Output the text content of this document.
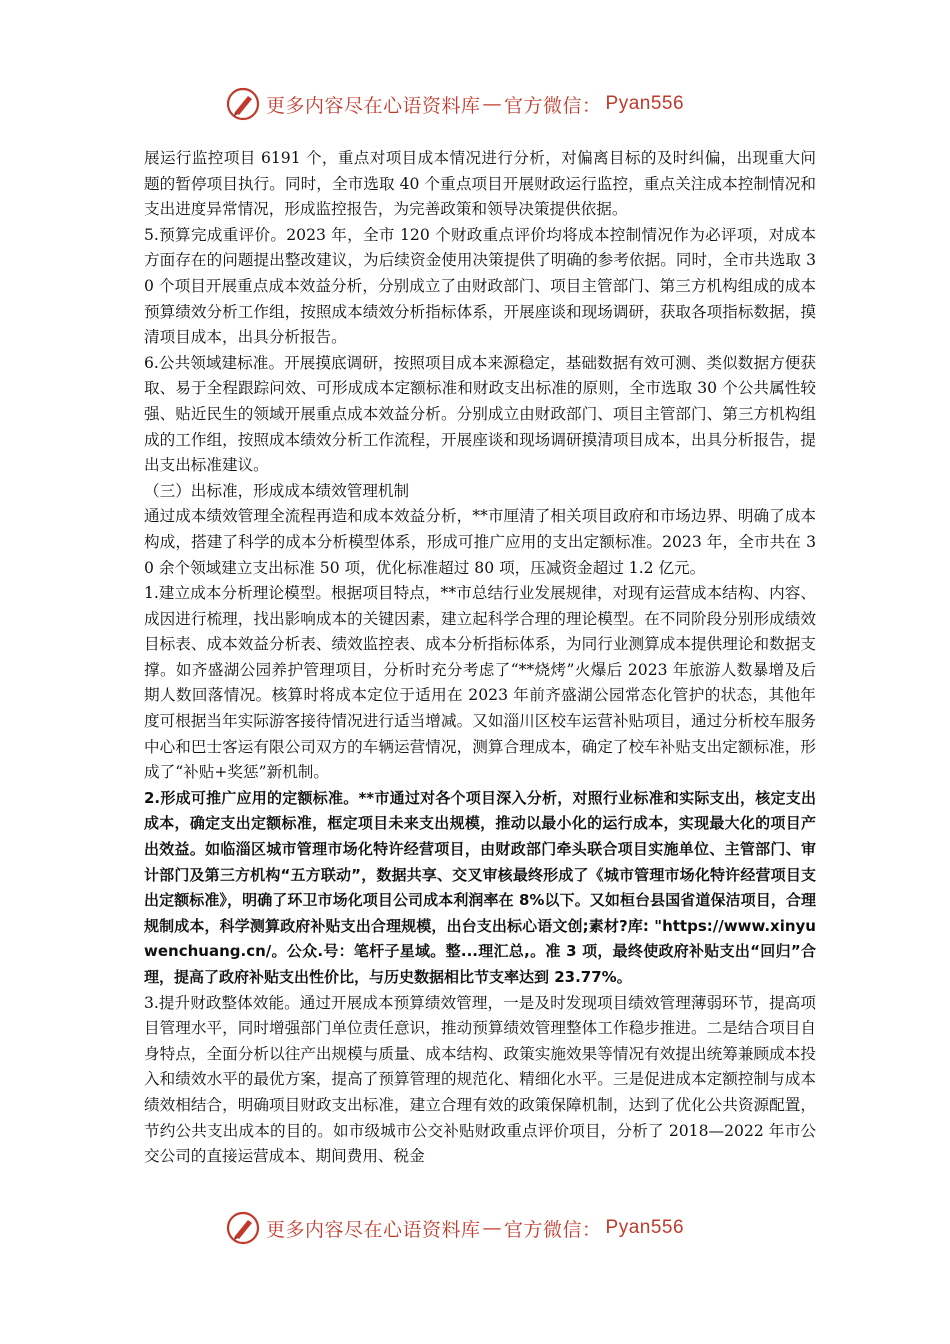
更多内容尽在心语资料库 — 官方微信： Pyan556

展运行监控项目 6191 个，重点对项目成本情况进行分析，对偏离目标的及时纠偏，出现重大问题的暂停项目执行。同时，全市选取 40 个重点项目开展财政运行监控，重点关注成本控制情况和支出进度异常情况，形成监控报告，为完善政策和领导决策提供依据。

5.预算完成重评价。2023 年，全市 120 个财政重点评价均将成本控制情况作为必评项，对成本方面存在的问题提出整改建议，为后续资金使用决策提供了明确的参考依据。同时，全市共选取 30 个项目开展重点成本效益分析，分别成立了由财政部门、项目主管部门、第三方机构组成的成本预算绩效分析工作组，按照成本绩效分析指标体系，开展座谈和现场调研，获取各项指标数据，摸清项目成本，出具分析报告。

6.公共领域建标准。开展摸底调研，按照项目成本来源稳定，基础数据有效可测、类似数据方便获取、易于全程跟踪问效、可形成成本定额标准和财政支出标准的原则，全市选取 30 个公共属性较强、贴近民生的领域开展重点成本效益分析。分别成立由财政部门、项目主管部门、第三方机构组成的工作组，按照成本绩效分析工作流程，开展座谈和现场调研摸清项目成本，出具分析报告，提出支出标准建议。

（三）出标准，形成成本绩效管理机制

通过成本绩效管理全流程再造和成本效益分析，**市厘清了相关项目政府和市场边界、明确了成本构成，搭建了科学的成本分析模型体系，形成可推广应用的支出定额标准。2023 年，全市共在 30 余个领域建立支出标准 50 项，优化标准超过 80 项，压减资金超过 1.2 亿元。

1.建立成本分析理论模型。根据项目特点，**市总结行业发展规律，对现有运营成本结构、内容、成因进行梳理，找出影响成本的关键因素，建立起科学合理的理论模型。在不同阶段分别形成绩效目标表、成本效益分析表、绩效监控表、成本分析指标体系，为同行业测算成本提供理论和数据支撑。如齐盛湖公园养护管理项目，分析时充分考虑了“**烧烤”火爆后 2023 年旅游人数暴增及后期人数回落情况。核算时将成本定位于适用在 2023 年前齐盛湖公园常态化管护的状态，其他年度可根据当年实际游客接待情况进行适当增减。又如淄川区校车运营补贴项目，通过分析校车服务中心和巴士客运有限公司双方的车辆运营情况，测算合理成本，确定了校车补贴支出定额标准，形成了“补贴+奖惩”新机制。

2.形成可推广应用的定额标准。**市通过对各个项目深入分析，对照行业标准和实际支出，核定支出成本，确定支出定额标准，框定项目未来支出规模，推动以最小化的运行成本，实现最大化的项目产出效益。如临淄区城市管理市场化特许经营项目，由财政部门牵头联合项目实施单位、主管部门、审计部门及第三方机构“五方联动”，数据共享、交叉审核最终形成了《城市管理市场化特许经营项目支出定额标准》，明确了环卫市场化项目公司成本利润率在 8%以下。又如桓台县国省道保洁项目，合理规制成本，科学测算政府补贴支出合理规模，出台支出标心语文创;素材?库: "https://www.xinyuwenchuang.cn/。公众.号：笔杆子星域。整...理汇总,。准 3 项，最终使政府补贴支出“回归”合理，提高了政府补贴支出性价比，与历史数据相比节支率达到 23.77%。

3.提升财政整体效能。通过开展成本预算绩效管理，一是及时发现项目绩效管理薄弱环节，提高项目管理水平，同时增强部门单位责任意识，推动预算绩效管理整体工作稳步推进。二是结合项目自身特点，全面分析以往产出规模与质量、成本结构、政策实施效果等情况有效提出统筹兼顾成本投入和绩效水平的最优方案，提高了预算管理的规范化、精细化水平。三是促进成本定额控制与成本绩效相结合，明确项目财政支出标准，建立合理有效的政策保障机制，达到了优化公共资源配置，节约公共支出成本的目的。如市级城市公交补贴财政重点评价项目，分析了 2018—2022 年市公交公司的直接运营成本、期间费用、税金

更多内容尽在心语资料库 — 官方微信： Pyan556
